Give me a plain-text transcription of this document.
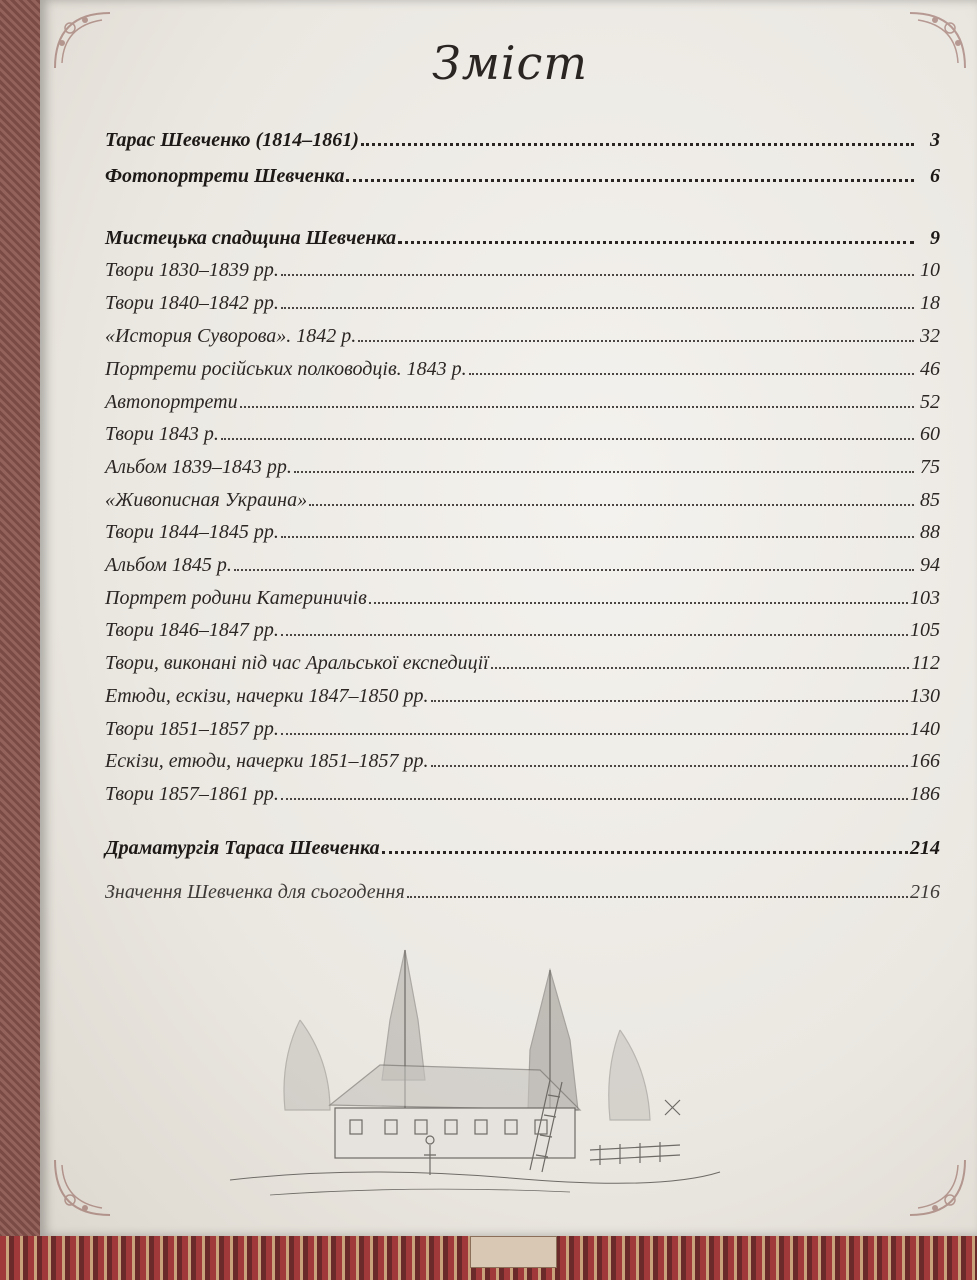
Зміст
Тарас Шевченко (1814–1861)	3
Фотопортрети Шевченка	6
Мистецька спадщина Шевченка	9
Твори 1830–1839 рр.	10
Твори 1840–1842 рр.	18
«История Суворова». 1842 р.	32
Портрети російських полководців. 1843 р.	46
Автопортрети	52
Твори 1843 р.	60
Альбом 1839–1843 рр.	75
«Живописная Украина»	85
Твори 1844–1845 рр.	88
Альбом 1845 р.	94
Портрет родини Катериничів	103
Твори 1846–1847 рр.	105
Твори, виконані під час Аральської експедиції	112
Етюди, ескізи, начерки 1847–1850 рр.	130
Твори 1851–1857 рр.	140
Ескізи, етюди, начерки 1851–1857 рр.	166
Твори 1857–1861 рр.	186
Драматургія Тараса Шевченка	214
Значення Шевченка для сьогодення	216
